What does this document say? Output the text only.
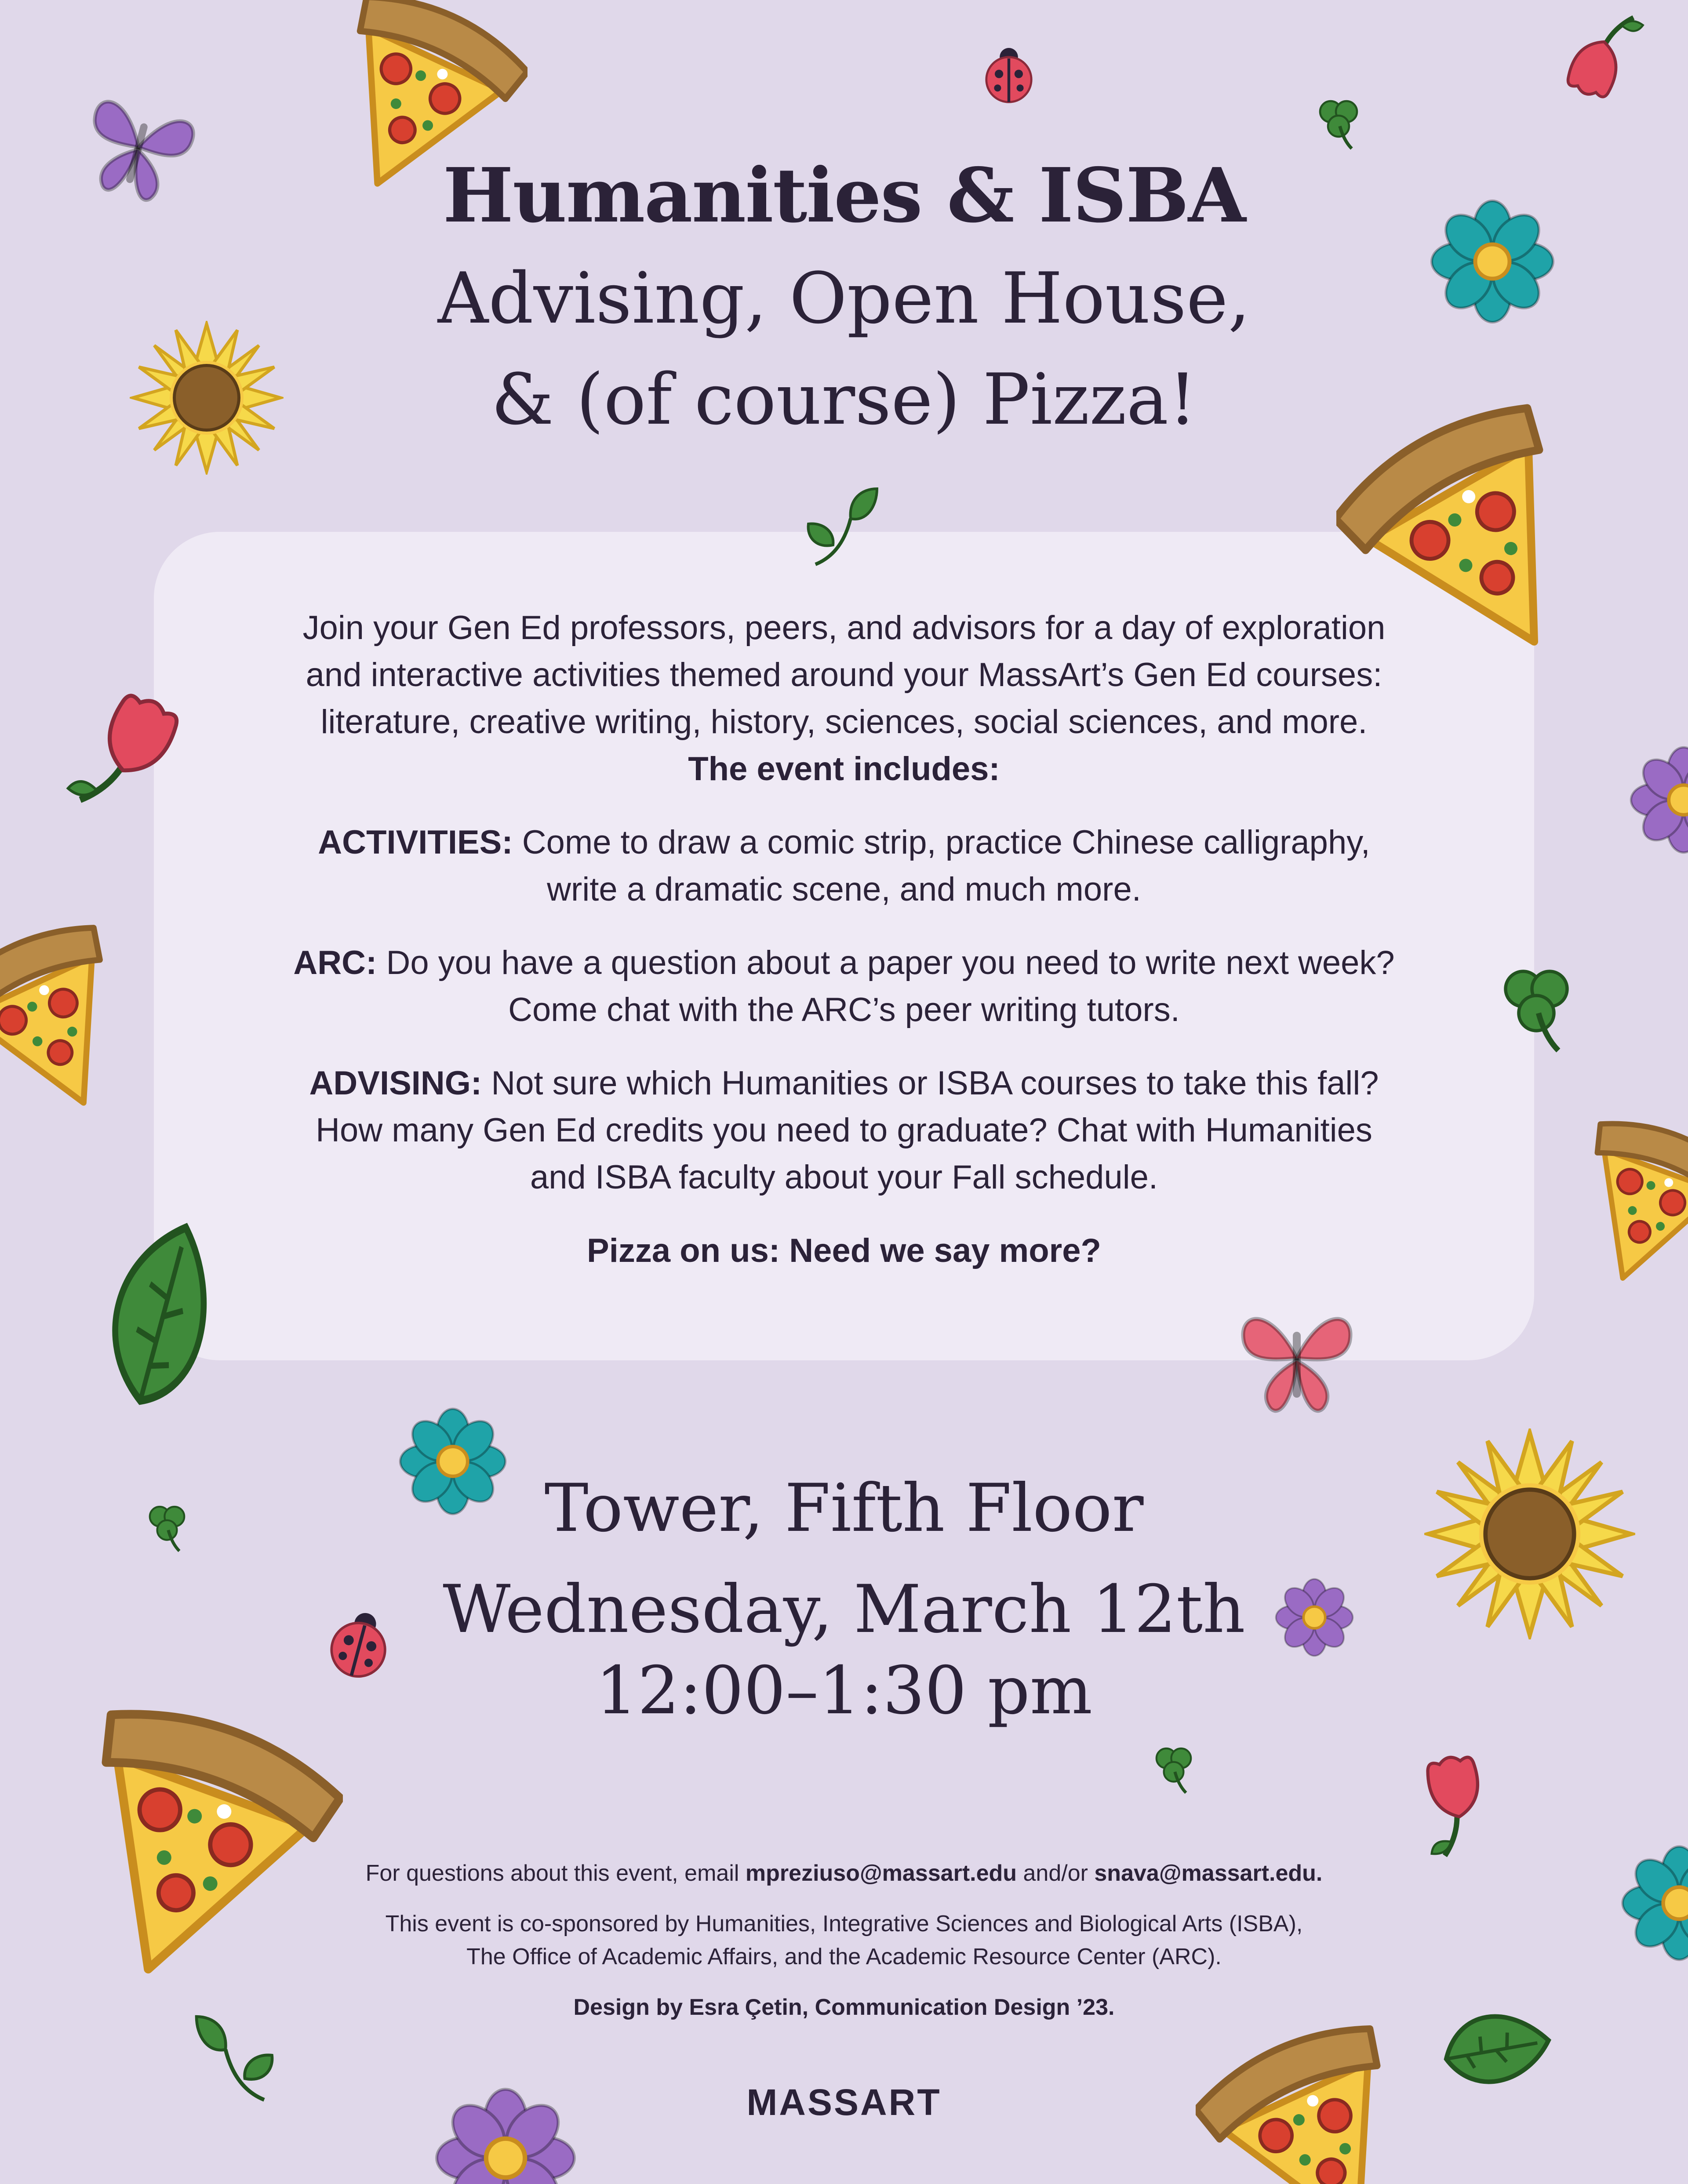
Humanities & ISBA
Advising, Open House,
& (of course) Pizza!

Join your Gen Ed professors, peers, and advisors for a day of exploration

and interactive activities themed around your MassArt’s Gen Ed courses:

literature, creative writing, history, sciences, social sciences, and more.

The event includes:

ACTIVITIES: Come to draw a comic strip, practice Chinese calligraphy,

write a dramatic scene, and much more.

ARC: Do you have a question about a paper you need to write next week?

Come chat with the ARC’s peer writing tutors.

ADVISING: Not sure which Humanities or ISBA courses to take this fall?

How many Gen Ed credits you need to graduate? Chat with Humanities

and ISBA faculty about your Fall schedule.

Pizza on us: Need we say more?

Tower, Fifth Floor
Wednesday, March 12th
12:00–1:30 pm

For questions about this event, email mpreziuso@massart.edu and/or snava@massart.edu.

This event is co-sponsored by Humanities, Integrative Sciences and Biological Arts (ISBA),

The Office of Academic Affairs, and the Academic Resource Center (ARC).

Design by Esra Çetin, Communication Design ’23.

MASSART
